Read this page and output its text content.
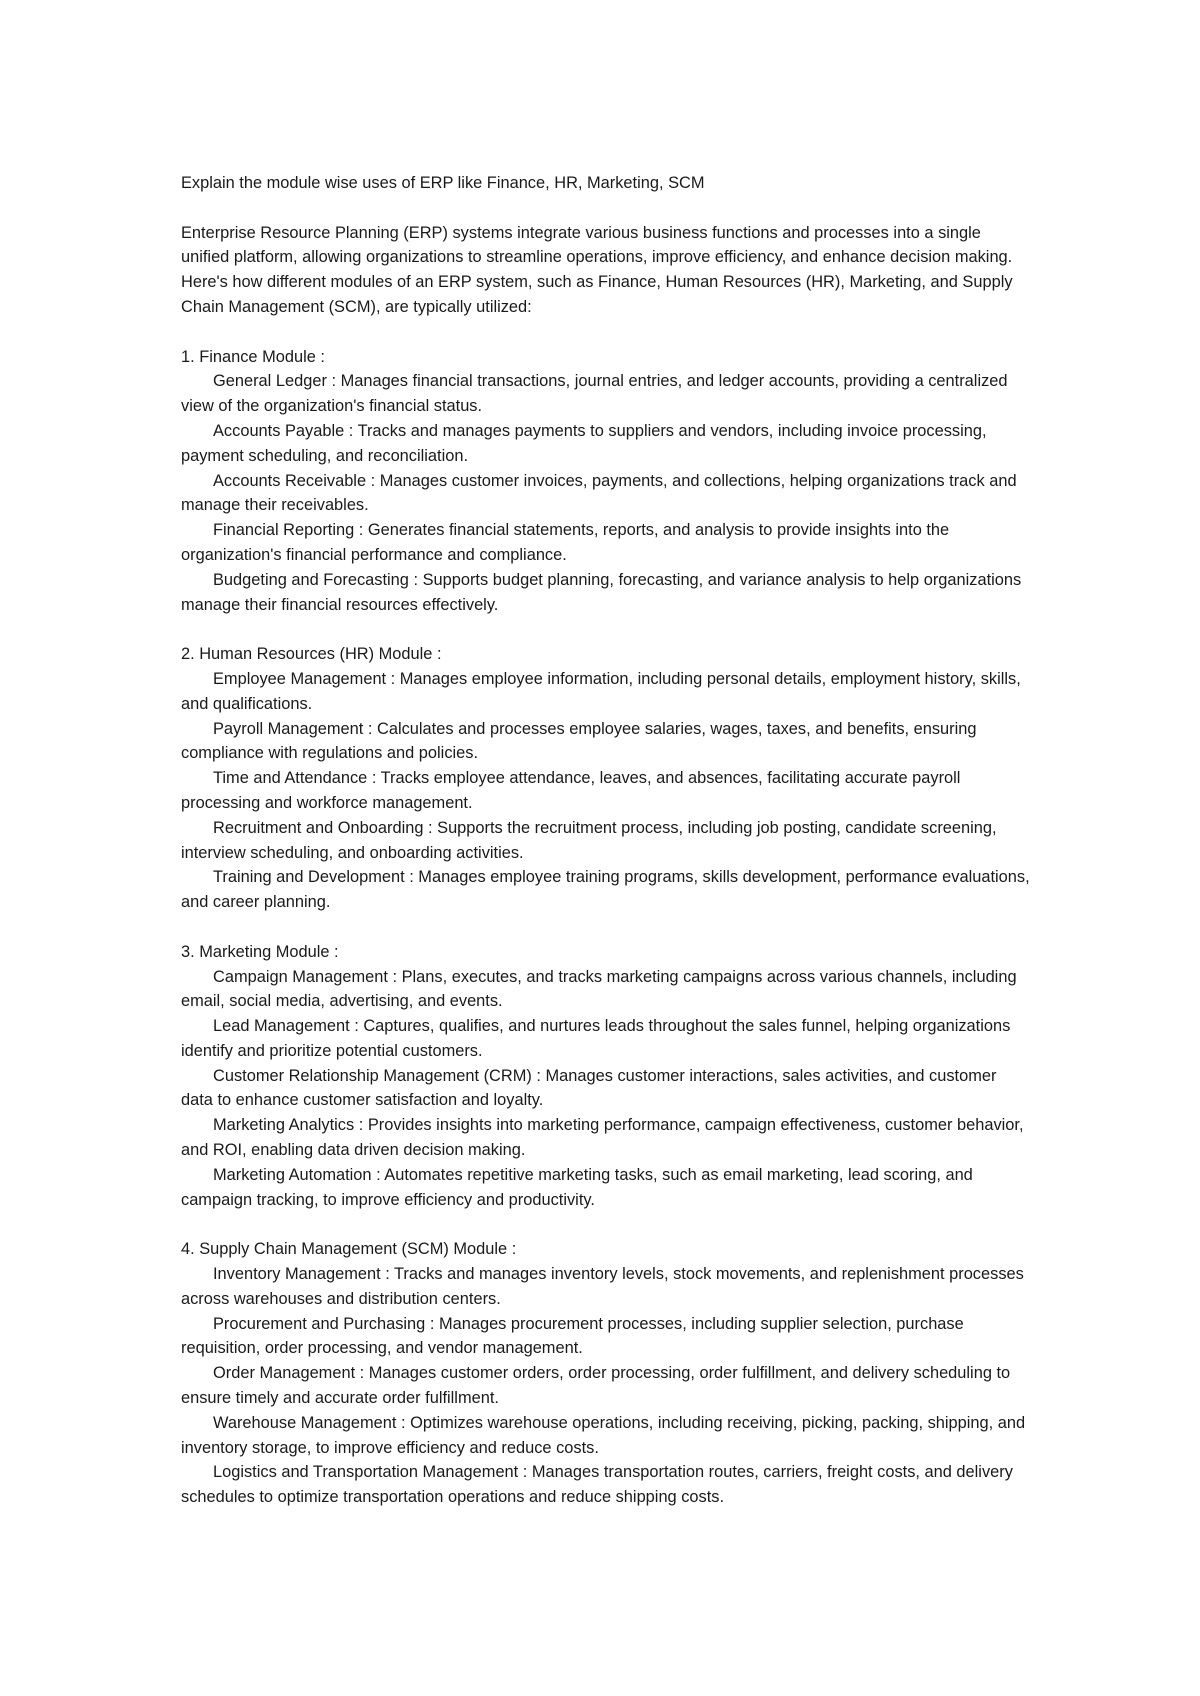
Explain the module wise uses of ERP like Finance, HR, Marketing, SCM

Enterprise Resource Planning (ERP) systems integrate various business functions and processes into a single unified platform, allowing organizations to streamline operations, improve efficiency, and enhance decision making. Here's how different modules of an ERP system, such as Finance, Human Resources (HR), Marketing, and Supply Chain Management (SCM), are typically utilized:

1. Finance Module :

General Ledger : Manages financial transactions, journal entries, and ledger accounts, providing a centralized view of the organization's financial status.

Accounts Payable : Tracks and manages payments to suppliers and vendors, including invoice processing, payment scheduling, and reconciliation.

Accounts Receivable : Manages customer invoices, payments, and collections, helping organizations track and manage their receivables.

Financial Reporting : Generates financial statements, reports, and analysis to provide insights into the organization's financial performance and compliance.

Budgeting and Forecasting : Supports budget planning, forecasting, and variance analysis to help organizations manage their financial resources effectively.

2. Human Resources (HR) Module :

Employee Management : Manages employee information, including personal details, employment history, skills, and qualifications.

Payroll Management : Calculates and processes employee salaries, wages, taxes, and benefits, ensuring compliance with regulations and policies.

Time and Attendance : Tracks employee attendance, leaves, and absences, facilitating accurate payroll processing and workforce management.

Recruitment and Onboarding : Supports the recruitment process, including job posting, candidate screening, interview scheduling, and onboarding activities.

Training and Development : Manages employee training programs, skills development, performance evaluations, and career planning.

3. Marketing Module :

Campaign Management : Plans, executes, and tracks marketing campaigns across various channels, including email, social media, advertising, and events.

Lead Management : Captures, qualifies, and nurtures leads throughout the sales funnel, helping organizations identify and prioritize potential customers.

Customer Relationship Management (CRM) : Manages customer interactions, sales activities, and customer data to enhance customer satisfaction and loyalty.

Marketing Analytics : Provides insights into marketing performance, campaign effectiveness, customer behavior, and ROI, enabling data driven decision making.

Marketing Automation : Automates repetitive marketing tasks, such as email marketing, lead scoring, and campaign tracking, to improve efficiency and productivity.

4. Supply Chain Management (SCM) Module :

Inventory Management : Tracks and manages inventory levels, stock movements, and replenishment processes across warehouses and distribution centers.

Procurement and Purchasing : Manages procurement processes, including supplier selection, purchase requisition, order processing, and vendor management.

Order Management : Manages customer orders, order processing, order fulfillment, and delivery scheduling to ensure timely and accurate order fulfillment.

Warehouse Management : Optimizes warehouse operations, including receiving, picking, packing, shipping, and inventory storage, to improve efficiency and reduce costs.

Logistics and Transportation Management : Manages transportation routes, carriers, freight costs, and delivery schedules to optimize transportation operations and reduce shipping costs.
